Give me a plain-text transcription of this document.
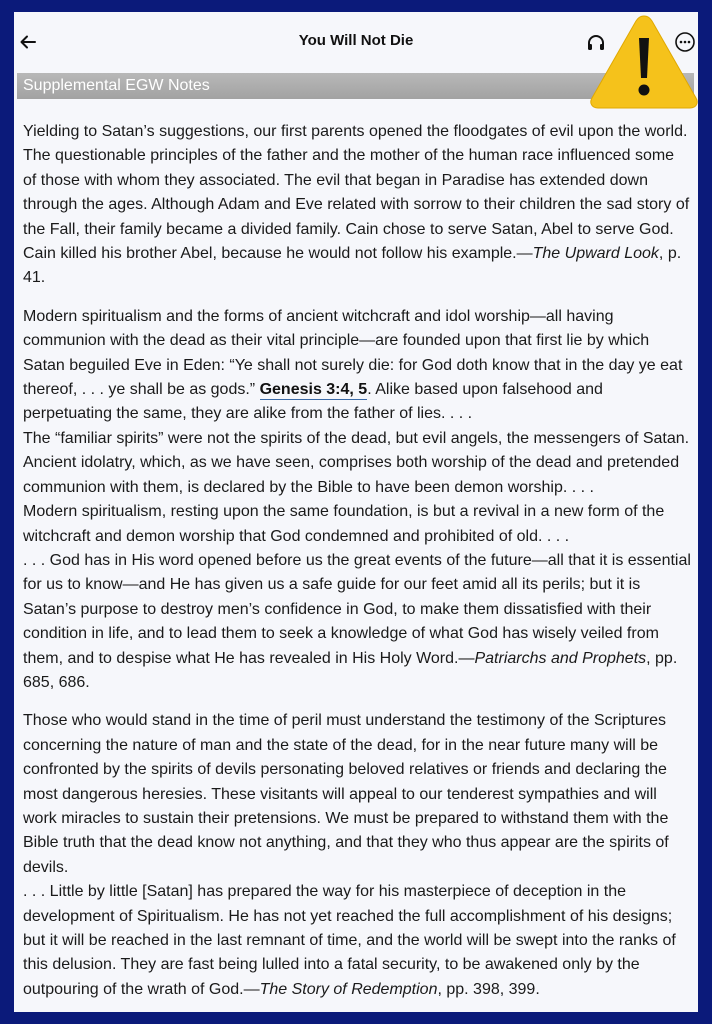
You Will Not Die
Supplemental EGW Notes

Yielding to Satan’s suggestions, our first parents opened the floodgates of evil upon the world. The questionable principles of the father and the mother of the human race influenced some of those with whom they associated. The evil that began in Paradise has extended down through the ages. Although Adam and Eve related with sorrow to their children the sad story of the Fall, their family became a divided family. Cain chose to serve Satan, Abel to serve God. Cain killed his brother Abel, because he would not follow his example.—The Upward Look, p. 41.

Modern spiritualism and the forms of ancient witchcraft and idol worship—all having communion with the dead as their vital principle—are founded upon that first lie by which Satan beguiled Eve in Eden: “Ye shall not surely die: for God doth know that in the day ye eat thereof, . . . ye shall be as gods.” Genesis 3:4, 5. Alike based upon falsehood and perpetuating the same, they are alike from the father of lies. . . .
The “familiar spirits” were not the spirits of the dead, but evil angels, the messengers of Satan. Ancient idolatry, which, as we have seen, comprises both worship of the dead and pretended communion with them, is declared by the Bible to have been demon worship. . . .
Modern spiritualism, resting upon the same foundation, is but a revival in a new form of the witchcraft and demon worship that God condemned and prohibited of old. . . .
. . . God has in His word opened before us the great events of the future—all that it is essential for us to know—and He has given us a safe guide for our feet amid all its perils; but it is Satan’s purpose to destroy men’s confidence in God, to make them dissatisfied with their condition in life, and to lead them to seek a knowledge of what God has wisely veiled from them, and to despise what He has revealed in His Holy Word.—Patriarchs and Prophets, pp. 685, 686.

Those who would stand in the time of peril must understand the testimony of the Scriptures concerning the nature of man and the state of the dead, for in the near future many will be confronted by the spirits of devils personating beloved relatives or friends and declaring the most dangerous heresies. These visitants will appeal to our tenderest sympathies and will work miracles to sustain their pretensions. We must be prepared to withstand them with the Bible truth that the dead know not anything, and that they who thus appear are the spirits of devils.
. . . Little by little [Satan] has prepared the way for his masterpiece of deception in the development of Spiritualism. He has not yet reached the full accomplishment of his designs; but it will be reached in the last remnant of time, and the world will be swept into the ranks of this delusion. They are fast being lulled into a fatal security, to be awakened only by the outpouring of the wrath of God.—The Story of Redemption, pp. 398, 399.
